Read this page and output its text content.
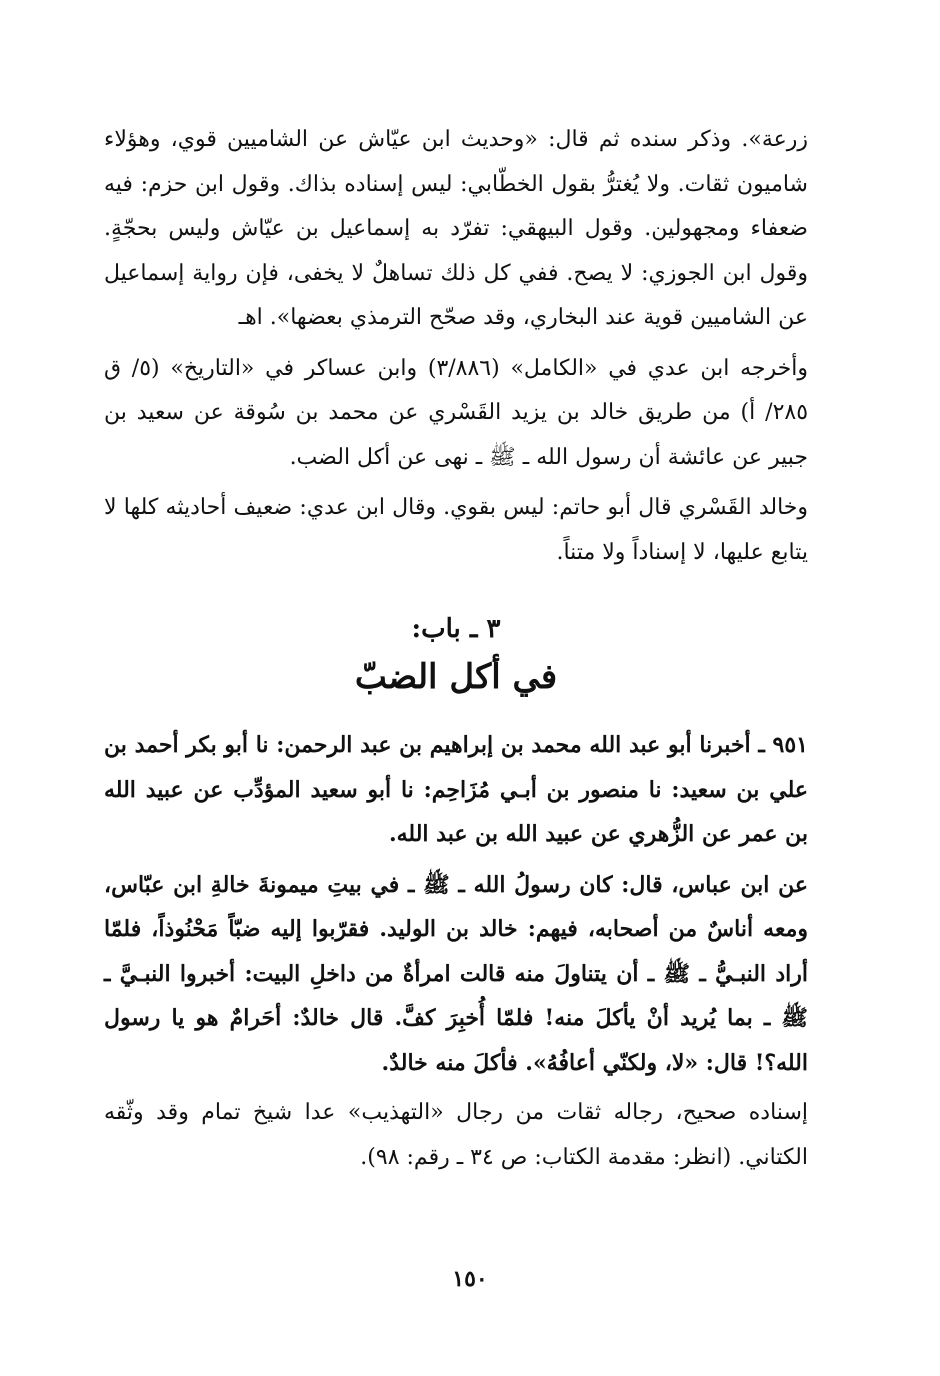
زرعة». وذكر سنده ثم قال: «وحديث ابن عيّاش عن الشاميين قوي، وهؤلاء شاميون ثقات. ولا يُغترُّ بقول الخطّابي: ليس إسناده بذاك. وقول ابن حزم: فيه ضعفاء ومجهولين. وقول البيهقي: تفرّد به إسماعيل بن عيّاش وليس بحجّةٍ. وقول ابن الجوزي: لا يصح. ففي كل ذلك تساهلٌ لا يخفى، فإن رواية إسماعيل عن الشاميين قوية عند البخاري، وقد صحّح الترمذي بعضها». اهـ

وأخرجه ابن عدي في «الكامل» (٣/٨٨٦) وابن عساكر في «التاريخ» (٥/ ق ٢٨٥/ أ) من طريق خالد بن يزيد القَسْري عن محمد بن سُوقة عن سعيد بن جبير عن عائشة أن رسول الله ـ ﷺ ـ نهى عن أكل الضب.

وخالد القَسْري قال أبو حاتم: ليس بقوي. وقال ابن عدي: ضعيف أحاديثه كلها لا يتابع عليها، لا إسناداً ولا متناً.

٣ ـ باب:
في أكل الضبّ

٩٥١ ـ أخبرنا أبو عبد الله محمد بن إبراهيم بن عبد الرحمن: نا أبو بكر أحمد بن علي بن سعيد: نا منصور بن أبـي مُزَاحِم: نا أبو سعيد المؤدِّب عن عبيد الله بن عمر عن الزُّهري عن عبيد الله بن عبد الله.

عن ابن عباس، قال: كان رسولُ الله ـ ﷺ ـ في بيتِ ميمونةَ خالةِ ابن عبّاس، ومعه أناسٌ من أصحابه، فيهم: خالد بن الوليد. فقرّبوا إليه ضبّاً مَحْنُوذاً، فلمّا أراد النبـيُّ ـ ﷺ ـ أن يتناولَ منه قالت امرأةٌ من داخلِ البيت: أخبروا النبـيَّ ـ ﷺ ـ بما يُريد أنْ يأكلَ منه! فلمّا أُخبِرَ كفَّ. قال خالدٌ: أحَرامٌ هو يا رسول الله؟! قال: «لا، ولكنّي أعافُهُ». فأكلَ منه خالدٌ.

إسناده صحيح، رجاله ثقات من رجال «التهذيب» عدا شيخ تمام وقد وثّقه الكتاني. (انظر: مقدمة الكتاب: ص ٣٤ ـ رقم: ٩٨).

١٥٠
